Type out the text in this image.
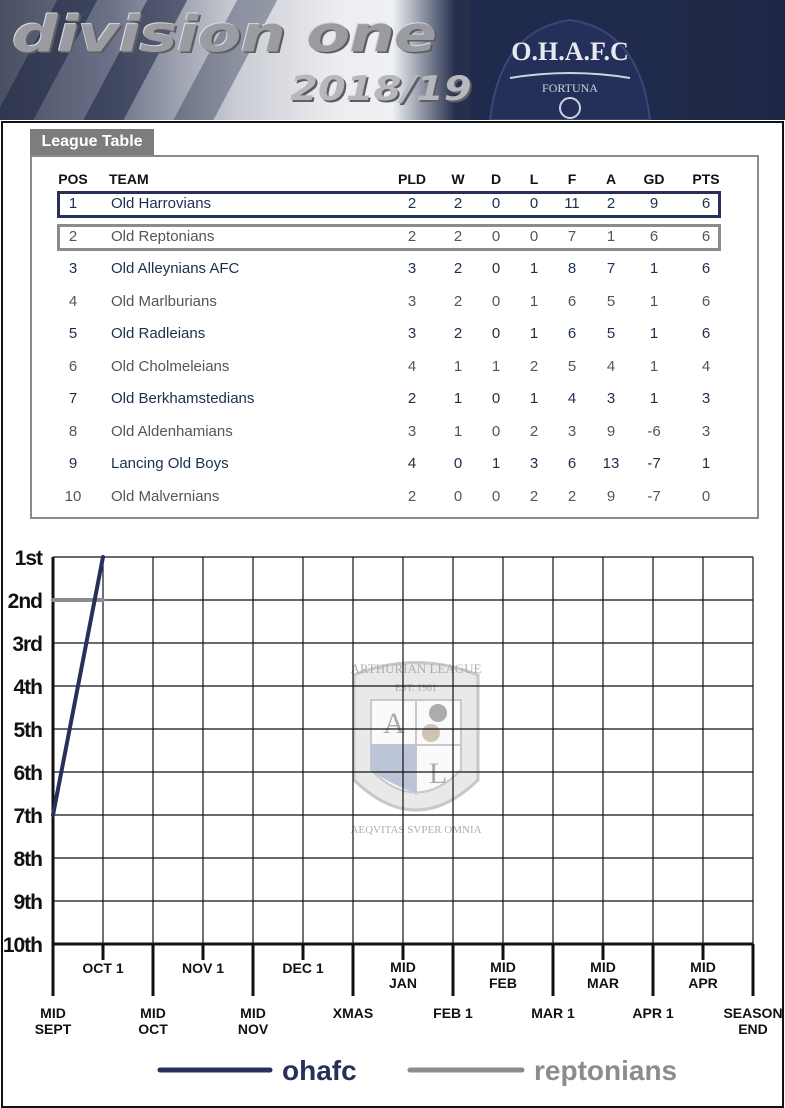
O.H.A.F.C
FORTUNA
division one
2018/19
League Table
POS	TEAM	PLD	W	D	L	F	A	GD	PTS
1	Old Harrovians	2	2	0	0	11	2	9	6
2	Old Reptonians	2	2	0	0	7	1	6	6
3	Old Alleynians AFC	3	2	0	1	8	7	1	6
4	Old Marlburians	3	2	0	1	6	5	1	6
5	Old Radleians	3	2	0	1	6	5	1	6
6	Old Cholmeleians	4	1	1	2	5	4	1	4
7	Old Berkhamstedians	2	1	0	1	4	3	1	3
8	Old Aldenhamians	3	1	0	2	3	9	-6	3
9	Lancing Old Boys	4	0	1	3	6	13	-7	1
10	Old Malvernians	2	0	0	2	2	9	-7	0
ARTHURIAN LEAGUE
EST. 1961
A
L
AEQVITAS SVPER OMNIA
1st
2nd
3rd
4th
5th
6th
7th
8th
9th
10th
MID SEPT
OCT 1
MID OCT
NOV 1
MID NOV
DEC 1
XMAS
MID JAN
FEB 1
MID FEB
MAR 1
MID MAR
APR 1
MID APR
SEASON END
ohafc	reptonians
